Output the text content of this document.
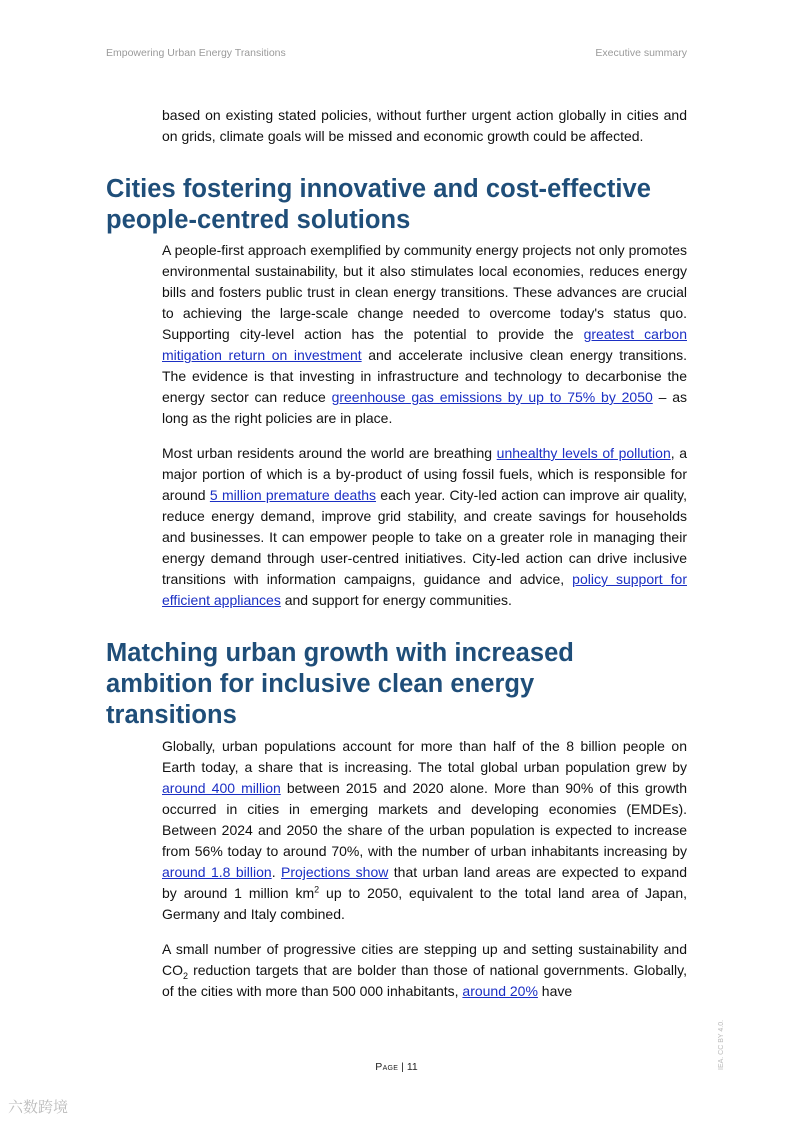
Empowering Urban Energy Transitions	Executive summary

based on existing stated policies, without further urgent action globally in cities and on grids, climate goals will be missed and economic growth could be affected.

Cities fostering innovative and cost-effective people-centred solutions

A people-first approach exemplified by community energy projects not only promotes environmental sustainability, but it also stimulates local economies, reduces energy bills and fosters public trust in clean energy transitions. These advances are crucial to achieving the large-scale change needed to overcome today's status quo. Supporting city-level action has the potential to provide the greatest carbon mitigation return on investment and accelerate inclusive clean energy transitions. The evidence is that investing in infrastructure and technology to decarbonise the energy sector can reduce greenhouse gas emissions by up to 75% by 2050 – as long as the right policies are in place.

Most urban residents around the world are breathing unhealthy levels of pollution, a major portion of which is a by-product of using fossil fuels, which is responsible for around 5 million premature deaths each year. City-led action can improve air quality, reduce energy demand, improve grid stability, and create savings for households and businesses. It can empower people to take on a greater role in managing their energy demand through user-centred initiatives. City-led action can drive inclusive transitions with information campaigns, guidance and advice, policy support for efficient appliances and support for energy communities.

Matching urban growth with increased ambition for inclusive clean energy transitions

Globally, urban populations account for more than half of the 8 billion people on Earth today, a share that is increasing. The total global urban population grew by around 400 million between 2015 and 2020 alone. More than 90% of this growth occurred in cities in emerging markets and developing economies (EMDEs). Between 2024 and 2050 the share of the urban population is expected to increase from 56% today to around 70%, with the number of urban inhabitants increasing by around 1.8 billion. Projections show that urban land areas are expected to expand by around 1 million $km^2$ up to 2050, equivalent to the total land area of Japan, Germany and Italy combined.

A small number of progressive cities are stepping up and setting sustainability and $CO_2$ reduction targets that are bolder than those of national governments. Globally, of the cities with more than 500 000 inhabitants, around 20% have

Page | 11	IEA. CC BY 4.0.
六数跨境
